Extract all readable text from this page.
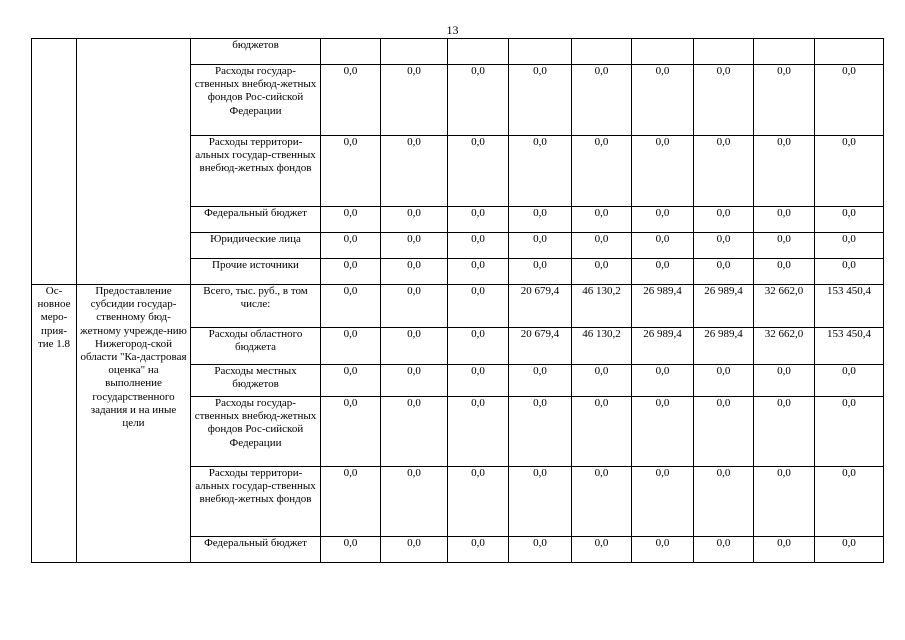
13
		бюджетов									
		Расходы государ-ственных внебюд-жетных фондов Рос-сийской Федерации	0,0	0,0	0,0	0,0	0,0	0,0	0,0	0,0	0,0
		Расходы территори-альных государ-ственных внебюд-жетных фондов	0,0	0,0	0,0	0,0	0,0	0,0	0,0	0,0	0,0
		Федеральный бюджет	0,0	0,0	0,0	0,0	0,0	0,0	0,0	0,0	0,0
		Юридические лица	0,0	0,0	0,0	0,0	0,0	0,0	0,0	0,0	0,0
		Прочие источники	0,0	0,0	0,0	0,0	0,0	0,0	0,0	0,0	0,0
Ос-новное меро-прия-тие 1.8	Предоставление субсидии государ-ственному бюд-жетному учрежде-нию Нижегород-ской области "Ка-дастровая оценка" на выполнение государственного задания и на иные цели	Всего, тыс. руб., в том числе:	0,0	0,0	0,0	20 679,4	46 130,2	26 989,4	26 989,4	32 662,0	153 450,4
		Расходы областного бюджета	0,0	0,0	0,0	20 679,4	46 130,2	26 989,4	26 989,4	32 662,0	153 450,4
		Расходы местных бюджетов	0,0	0,0	0,0	0,0	0,0	0,0	0,0	0,0	0,0
		Расходы государ-ственных внебюд-жетных фондов Рос-сийской Федерации	0,0	0,0	0,0	0,0	0,0	0,0	0,0	0,0	0,0
		Расходы территори-альных государ-ственных внебюд-жетных фондов	0,0	0,0	0,0	0,0	0,0	0,0	0,0	0,0	0,0
		Федеральный бюджет	0,0	0,0	0,0	0,0	0,0	0,0	0,0	0,0	0,0
